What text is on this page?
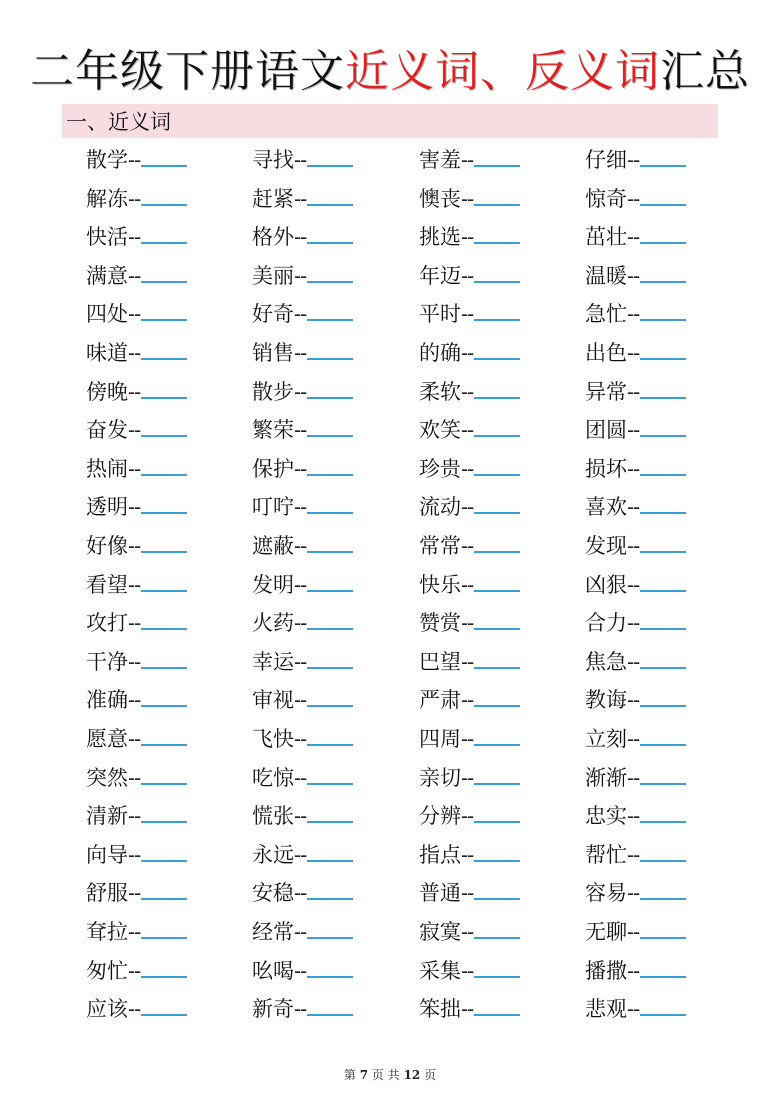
二年级下册语文近义词、反义词汇总
一、近义词
散学--	寻找--	害羞--	仔细--
解冻--	赶紧--	懊丧--	惊奇--
快活--	格外--	挑选--	茁壮--
满意--	美丽--	年迈--	温暖--
四处--	好奇--	平时--	急忙--
味道--	销售--	的确--	出色--
傍晚--	散步--	柔软--	异常--
奋发--	繁荣--	欢笑--	团圆--
热闹--	保护--	珍贵--	损坏--
透明--	叮咛--	流动--	喜欢--
好像--	遮蔽--	常常--	发现--
看望--	发明--	快乐--	凶狠--
攻打--	火药--	赞赏--	合力--
干净--	幸运--	巴望--	焦急--
准确--	审视--	严肃--	教诲--
愿意--	飞快--	四周--	立刻--
突然--	吃惊--	亲切--	渐渐--
清新--	慌张--	分辨--	忠实--
向导--	永远--	指点--	帮忙--
舒服--	安稳--	普通--	容易--
耷拉--	经常--	寂寞--	无聊--
匆忙--	吆喝--	采集--	播撒--
应该--	新奇--	笨拙--	悲观--
第 7 页 共 12 页
